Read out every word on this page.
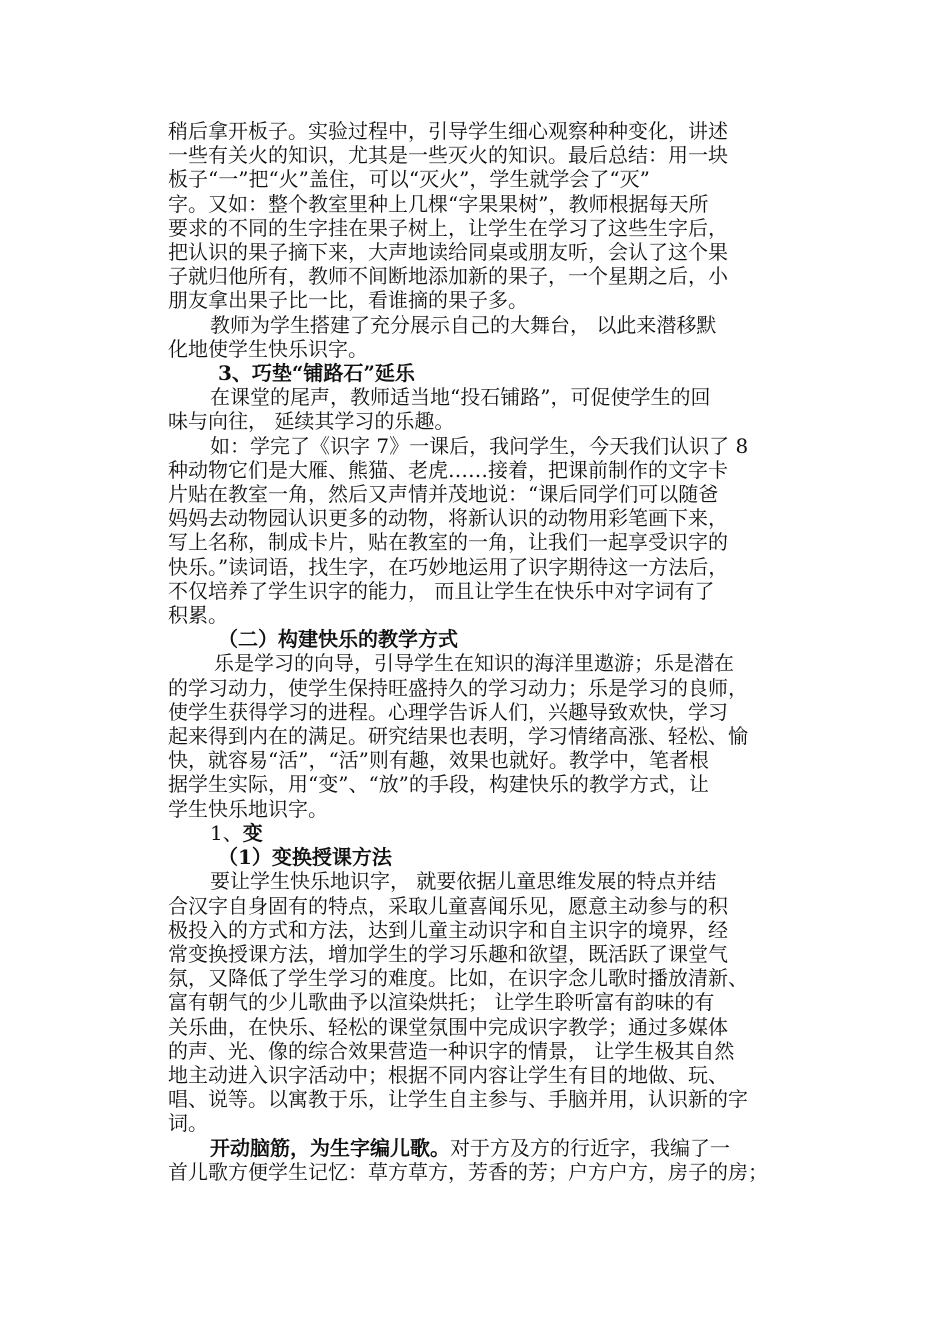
稍后拿开板子。实验过程中，引导学生细心观察种种变化，讲述

一些有关火的知识，尤其是一些灭火的知识。最后总结：用一块

板子“一”把“火”盖住，可以“灭火”，学生就学会了“灭”

字。又如：整个教室里种上几棵“字果果树”，教师根据每天所

要求的不同的生字挂在果子树上，让学生在学习了这些生字后，

把认识的果子摘下来，大声地读给同桌或朋友听，会认了这个果

子就归他所有，教师不间断地添加新的果子，一个星期之后，小

朋友拿出果子比一比，看谁摘的果子多。

教师为学生搭建了充分展示自己的大舞台， 以此来潜移默

化地使学生快乐识字。

3、巧垫“铺路石”延乐

在课堂的尾声，教师适当地“投石铺路”，可促使学生的回

味与向往， 延续其学习的乐趣。

如：学完了《识字 7》一课后，我问学生，今天我们认识了 8

种动物它们是大雁、熊猫、老虎……接着，把课前制作的文字卡

片贴在教室一角，然后又声情并茂地说：“课后同学们可以随爸

妈妈去动物园认识更多的动物，将新认识的动物用彩笔画下来，

写上名称，制成卡片，贴在教室的一角，让我们一起享受识字的

快乐。”读词语，找生字，在巧妙地运用了识字期待这一方法后，

不仅培养了学生识字的能力， 而且让学生在快乐中对字词有了

积累。

（二）构建快乐的教学方式

乐是学习的向导，引导学生在知识的海洋里遨游；乐是潜在

的学习动力，使学生保持旺盛持久的学习动力；乐是学习的良师，

使学生获得学习的进程。心理学告诉人们，兴趣导致欢快，学习

起来得到内在的满足。研究结果也表明，学习情绪高涨、轻松、愉

快，就容易“活”，“活”则有趣，效果也就好。教学中，笔者根

据学生实际，用“变”、“放”的手段，构建快乐的教学方式，让

学生快乐地识字。

1、变

（1）变换授课方法

要让学生快乐地识字， 就要依据儿童思维发展的特点并结

合汉字自身固有的特点，采取儿童喜闻乐见，愿意主动参与的积

极投入的方式和方法，达到儿童主动识字和自主识字的境界，经

常变换授课方法，增加学生的学习乐趣和欲望，既活跃了课堂气

氛，又降低了学生学习的难度。比如，在识字念儿歌时播放清新、

富有朝气的少儿歌曲予以渲染烘托； 让学生聆听富有韵味的有

关乐曲，在快乐、轻松的课堂氛围中完成识字教学；通过多媒体

的声、光、像的综合效果营造一种识字的情景， 让学生极其自然

地主动进入识字活动中；根据不同内容让学生有目的地做、玩、

唱、说等。以寓教于乐，让学生自主参与、手脑并用，认识新的字

词。

开动脑筋，为生字编儿歌。对于方及方的行近字，我编了一

首儿歌方便学生记忆：草方草方，芳香的芳；户方户方，房子的房；
